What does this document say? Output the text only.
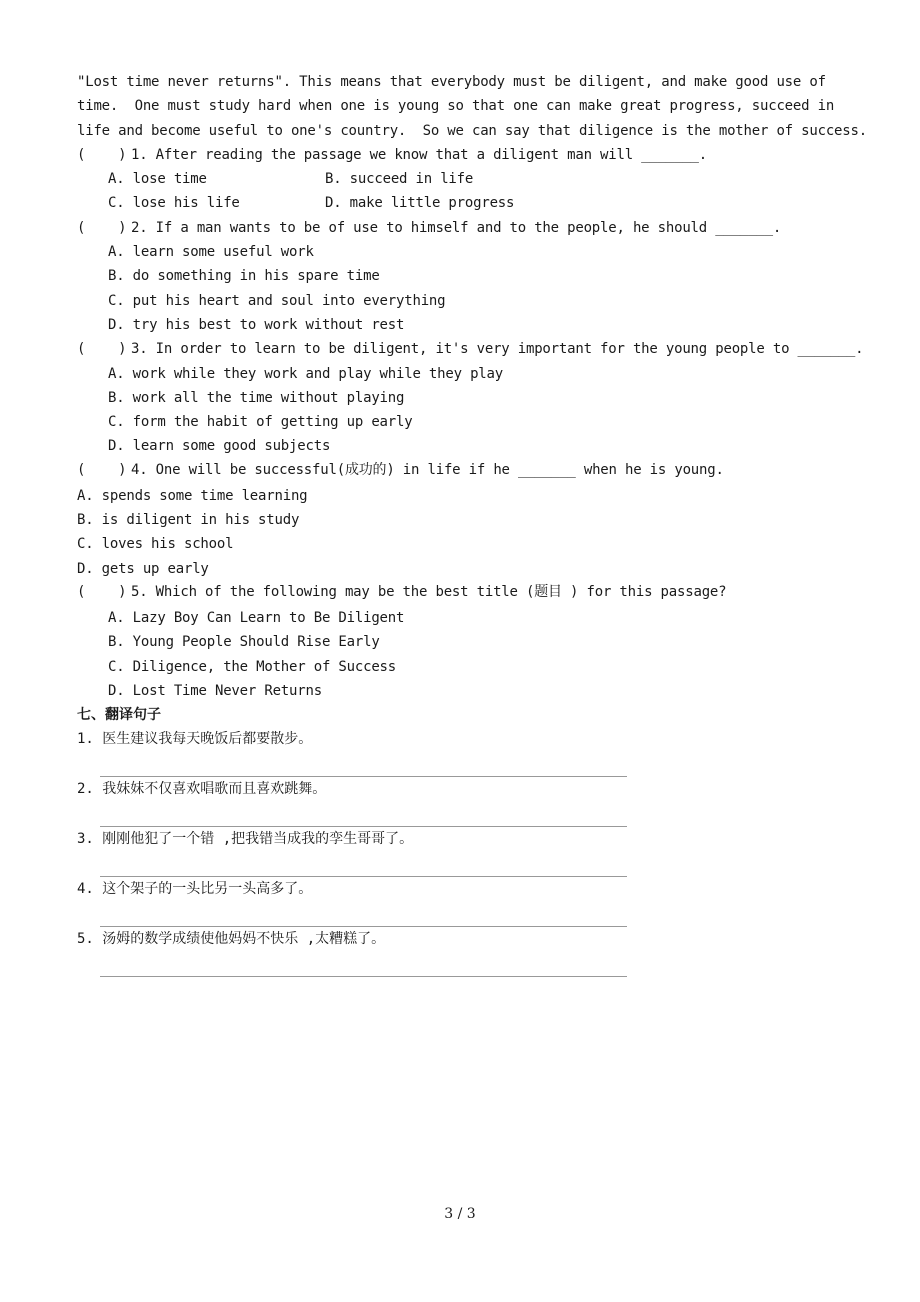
"Lost time never returns". This means that everybody must be diligent, and make good use of
time.  One must study hard when one is young so that one can make great progress, succeed in
life and become useful to one's country.  So we can say that diligence is the mother of success.
(    ) 1. After reading the passage we know that a diligent man will _______.
A. lose time	B. succeed in life
C. lose his life	D. make little progress
(    ) 2. If a man wants to be of use to himself and to the people, he should _______.
A. learn some useful work
B. do something in his spare time
C. put his heart and soul into everything
D. try his best to work without rest
(    ) 3. In order to learn to be diligent, it's very important for the young people to _______.
A. work while they work and play while they play
B. work all the time without playing
C. form the habit of getting up early
D. learn some good subjects
(    ) 4. One will be successful(成功的) in life if he _______ when he is young.
A. spends some time learning
B. is diligent in his study
C. loves his school
D. gets up early
(    ) 5. Which of the following may be the best title (题目 ) for this passage?
A. Lazy Boy Can Learn to Be Diligent
B. Young People Should Rise Early
C. Diligence, the Mother of Success
D. Lost Time Never Returns
七、翻译句子
1. 医生建议我每天晚饭后都要散步。
2. 我妹妹不仅喜欢唱歌而且喜欢跳舞。
3. 刚刚他犯了一个错 ,把我错当成我的孪生哥哥了。
4. 这个架子的一头比另一头高多了。
5. 汤姆的数学成绩使他妈妈不快乐 ,太糟糕了。
3 / 3
